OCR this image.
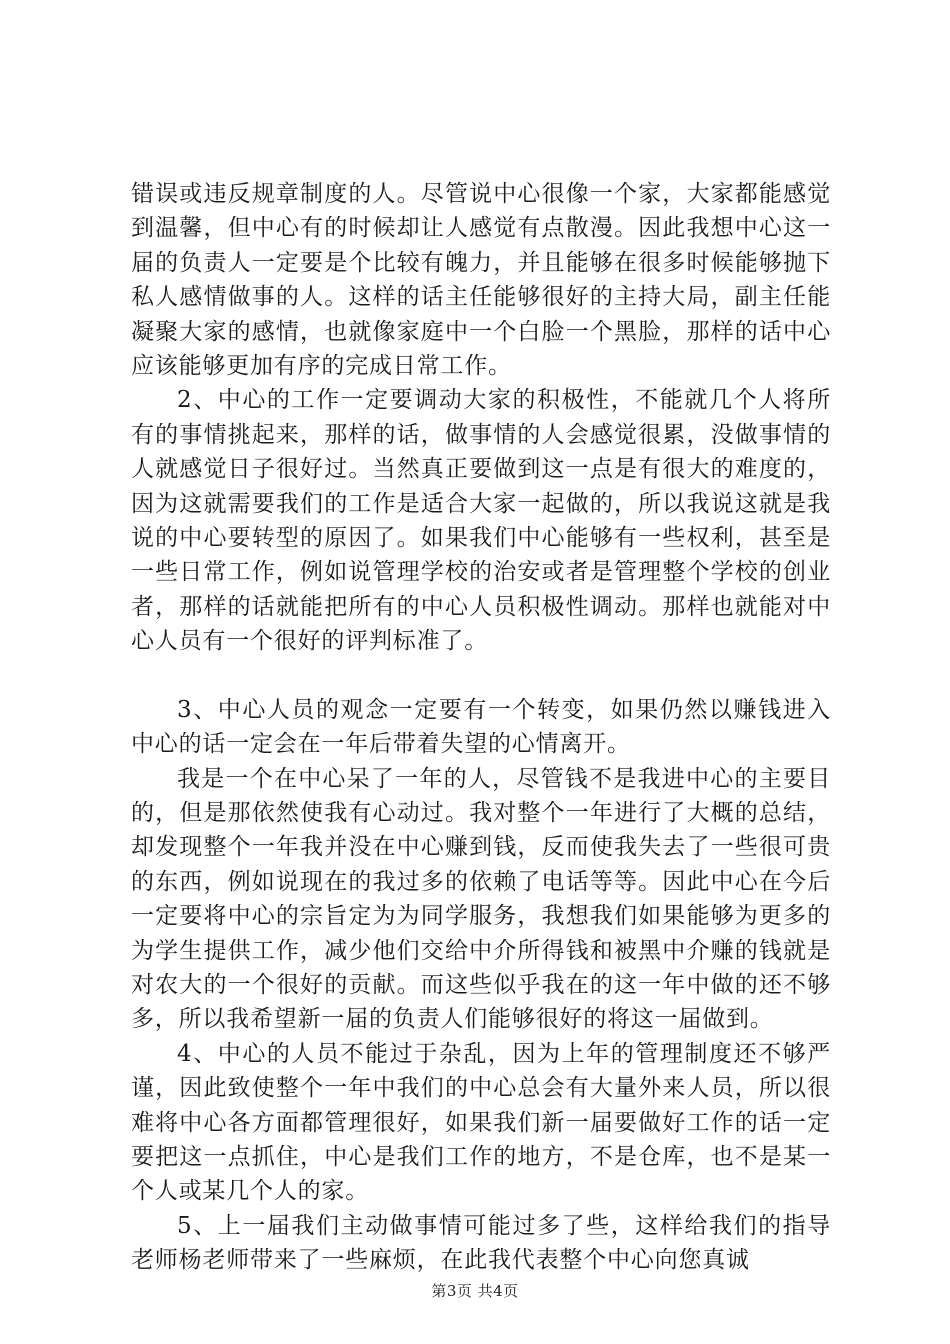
错误或违反规章制度的人。尽管说中心很像一个家，大家都能感觉到温馨，但中心有的时候却让人感觉有点散漫。因此我想中心这一届的负责人一定要是个比较有魄力，并且能够在很多时候能够抛下私人感情做事的人。这样的话主任能够很好的主持大局，副主任能凝聚大家的感情，也就像家庭中一个白脸一个黑脸，那样的话中心应该能够更加有序的完成日常工作。

2、中心的工作一定要调动大家的积极性，不能就几个人将所有的事情挑起来，那样的话，做事情的人会感觉很累，没做事情的人就感觉日子很好过。当然真正要做到这一点是有很大的难度的，因为这就需要我们的工作是适合大家一起做的，所以我说这就是我说的中心要转型的原因了。如果我们中心能够有一些权利，甚至是一些日常工作，例如说管理学校的治安或者是管理整个学校的创业者，那样的话就能把所有的中心人员积极性调动。那样也就能对中心人员有一个很好的评判标准了。

3、中心人员的观念一定要有一个转变，如果仍然以赚钱进入中心的话一定会在一年后带着失望的心情离开。

我是一个在中心呆了一年的人，尽管钱不是我进中心的主要目的，但是那依然使我有心动过。我对整个一年进行了大概的总结，却发现整个一年我并没在中心赚到钱，反而使我失去了一些很可贵的东西，例如说现在的我过多的依赖了电话等等。因此中心在今后一定要将中心的宗旨定为为同学服务，我想我们如果能够为更多的为学生提供工作，减少他们交给中介所得钱和被黑中介赚的钱就是对农大的一个很好的贡献。而这些似乎我在的这一年中做的还不够多，所以我希望新一届的负责人们能够很好的将这一届做到。

4、中心的人员不能过于杂乱，因为上年的管理制度还不够严谨，因此致使整个一年中我们的中心总会有大量外来人员，所以很难将中心各方面都管理很好，如果我们新一届要做好工作的话一定要把这一点抓住，中心是我们工作的地方，不是仓库，也不是某一个人或某几个人的家。

5、上一届我们主动做事情可能过多了些，这样给我们的指导老师杨老师带来了一些麻烦，在此我代表整个中心向您真诚

第3页 共4页
